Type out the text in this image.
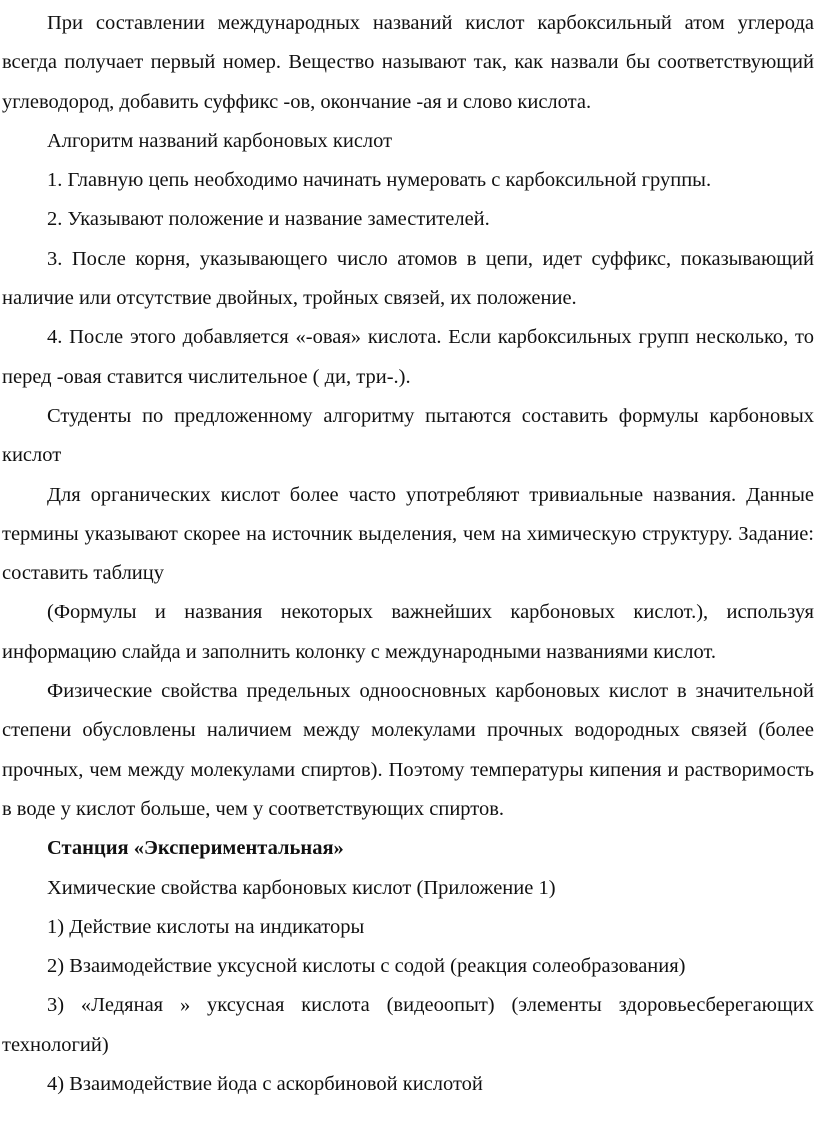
При составлении международных названий кислот карбоксильный атом углерода всегда получает первый номер. Вещество называют так, как назвали бы соответствующий углеводород, добавить суффикс -ов, окончание -ая и слово кислота.

Алгоритм названий карбоновых кислот

1. Главную цепь необходимо начинать нумеровать с карбоксильной группы.

2. Указывают положение и название заместителей.

3. После корня, указывающего число атомов в цепи, идет суффикс, показывающий наличие или отсутствие двойных, тройных связей, их положение.

4. После этого добавляется «-овая» кислота. Если карбоксильных групп несколько, то перед -овая ставится числительное ( ди, три-.).

Студенты по предложенному алгоритму пытаются составить формулы карбоновых кислот

Для органических кислот более часто употребляют тривиальные названия. Данные термины указывают скорее на источник выделения, чем на химическую структуру. Задание: составить таблицу

(Формулы и названия некоторых важнейших карбоновых кислот.), используя информацию слайда и заполнить колонку с международными названиями кислот.

Физические свойства предельных одноосновных карбоновых кислот в значительной степени обусловлены наличием между молекулами прочных водородных связей (более прочных, чем между молекулами спиртов). Поэтому температуры кипения и растворимость в воде у кислот больше, чем у соответствующих спиртов.

Станция «Экспериментальная»

Химические свойства карбоновых кислот (Приложение 1)

1) Действие кислоты на индикаторы

2) Взаимодействие уксусной кислоты с содой (реакция солеобразования)

3) «Ледяная » уксусная кислота (видеоопыт) (элементы здоровьесберегающих технологий)

4) Взаимодействие йода с аскорбиновой кислотой
